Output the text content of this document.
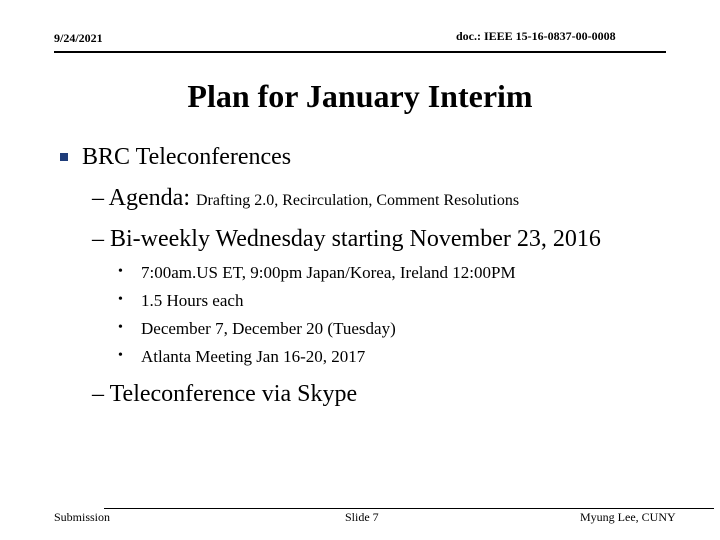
9/24/2021	doc.: IEEE 15-16-0837-00-0008
Plan for January Interim
BRC Teleconferences
– Agenda: Drafting 2.0, Recirculation, Comment Resolutions
– Bi-weekly Wednesday starting November 23, 2016
• 7:00am.US ET, 9:00pm Japan/Korea, Ireland 12:00PM
• 1.5 Hours each
• December 7, December 20 (Tuesday)
• Atlanta Meeting Jan 16-20, 2017
– Teleconference via Skype
Submission	Slide 7	Myung Lee, CUNY
